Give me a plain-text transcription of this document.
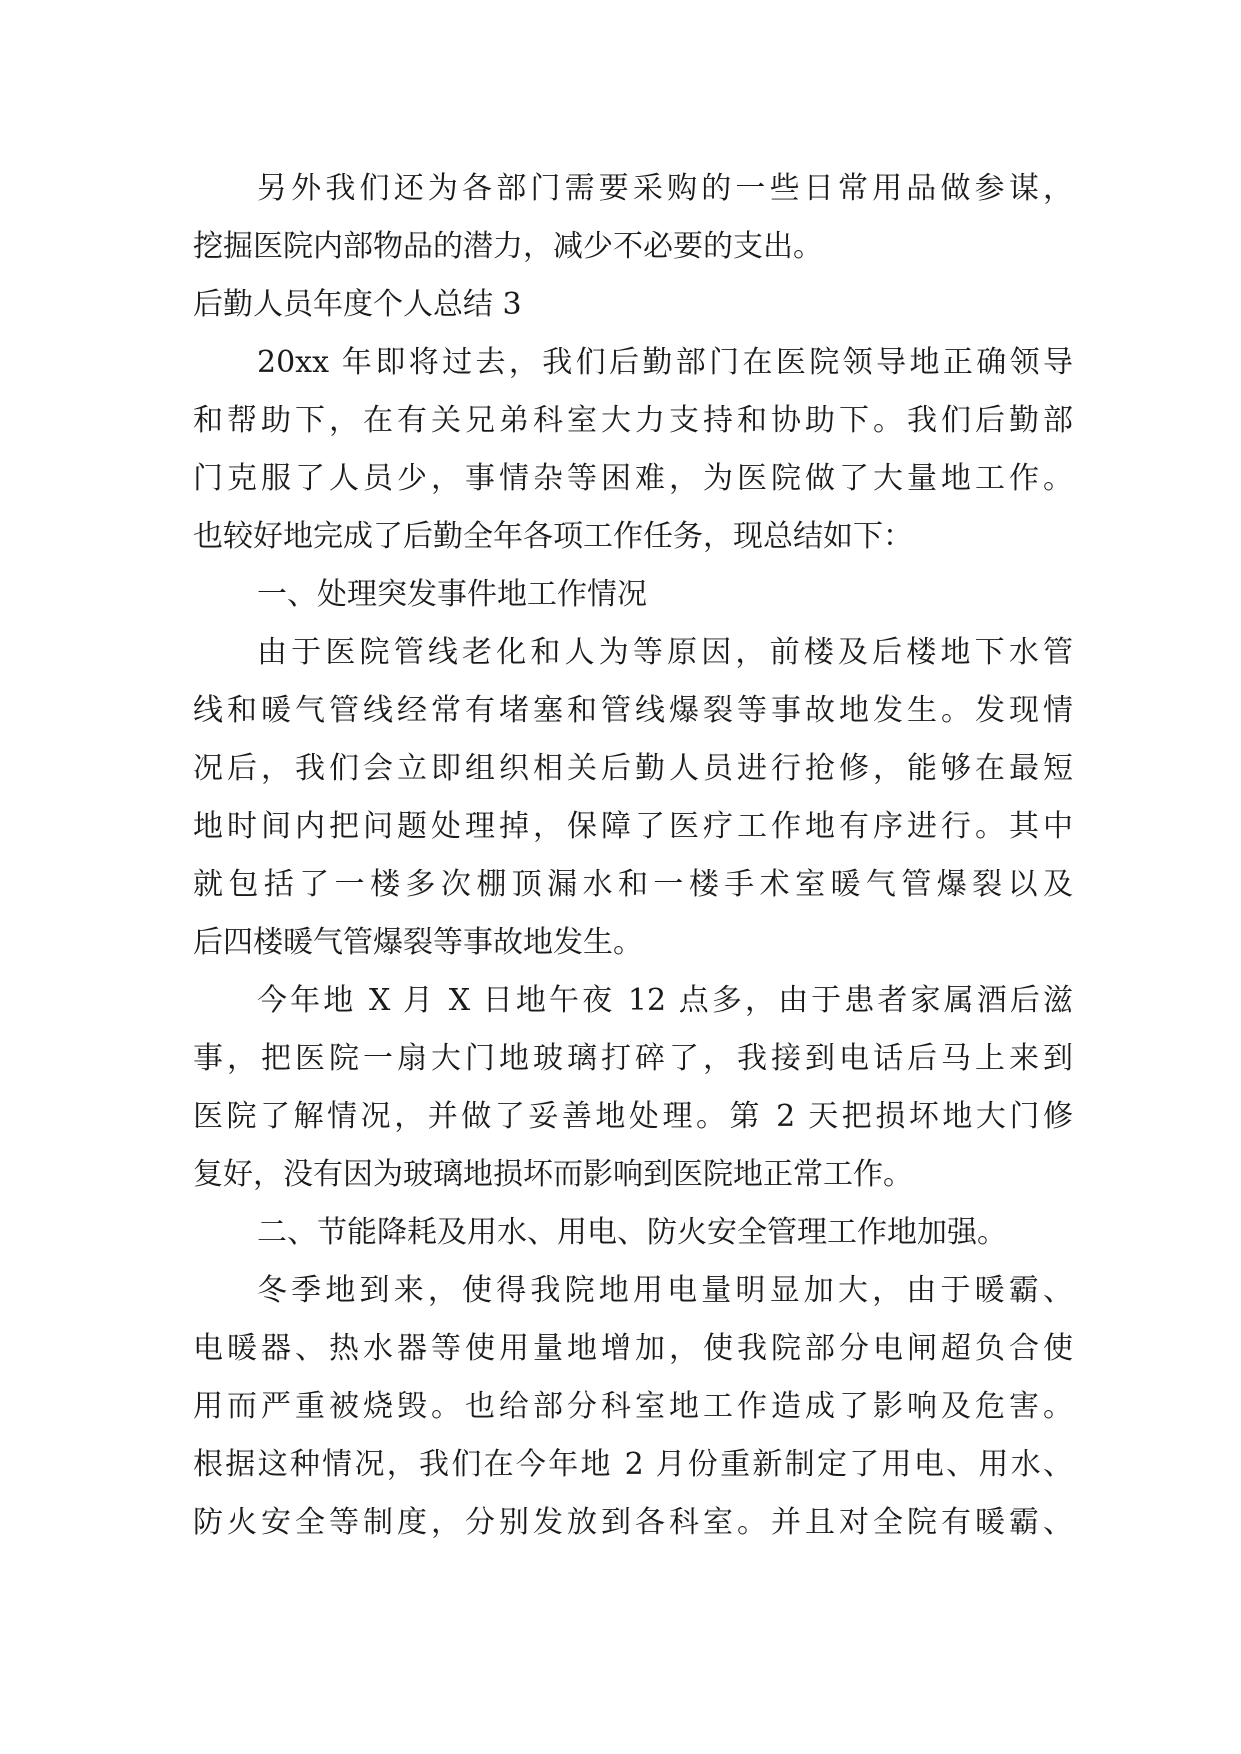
另外我们还为各部门需要采购的一些日常用品做参谋，
挖掘医院内部物品的潜力，减少不必要的支出。
后勤人员年度个人总结 3
20xx 年即将过去，我们后勤部门在医院领导地正确领导
和帮助下，在有关兄弟科室大力支持和协助下。我们后勤部
门克服了人员少，事情杂等困难，为医院做了大量地工作。
也较好地完成了后勤全年各项工作任务，现总结如下：
一、处理突发事件地工作情况
由于医院管线老化和人为等原因，前楼及后楼地下水管
线和暖气管线经常有堵塞和管线爆裂等事故地发生。发现情
况后，我们会立即组织相关后勤人员进行抢修，能够在最短
地时间内把问题处理掉，保障了医疗工作地有序进行。其中
就包括了一楼多次棚顶漏水和一楼手术室暖气管爆裂以及
后四楼暖气管爆裂等事故地发生。
今年地 X 月 X 日地午夜 12 点多，由于患者家属酒后滋
事，把医院一扇大门地玻璃打碎了，我接到电话后马上来到
医院了解情况，并做了妥善地处理。第 2 天把损坏地大门修
复好，没有因为玻璃地损坏而影响到医院地正常工作。
二、节能降耗及用水、用电、防火安全管理工作地加强。
冬季地到来，使得我院地用电量明显加大，由于暖霸、
电暖器、热水器等使用量地增加，使我院部分电闸超负合使
用而严重被烧毁。也给部分科室地工作造成了影响及危害。
根据这种情况，我们在今年地 2 月份重新制定了用电、用水、
防火安全等制度，分别发放到各科室。并且对全院有暖霸、
